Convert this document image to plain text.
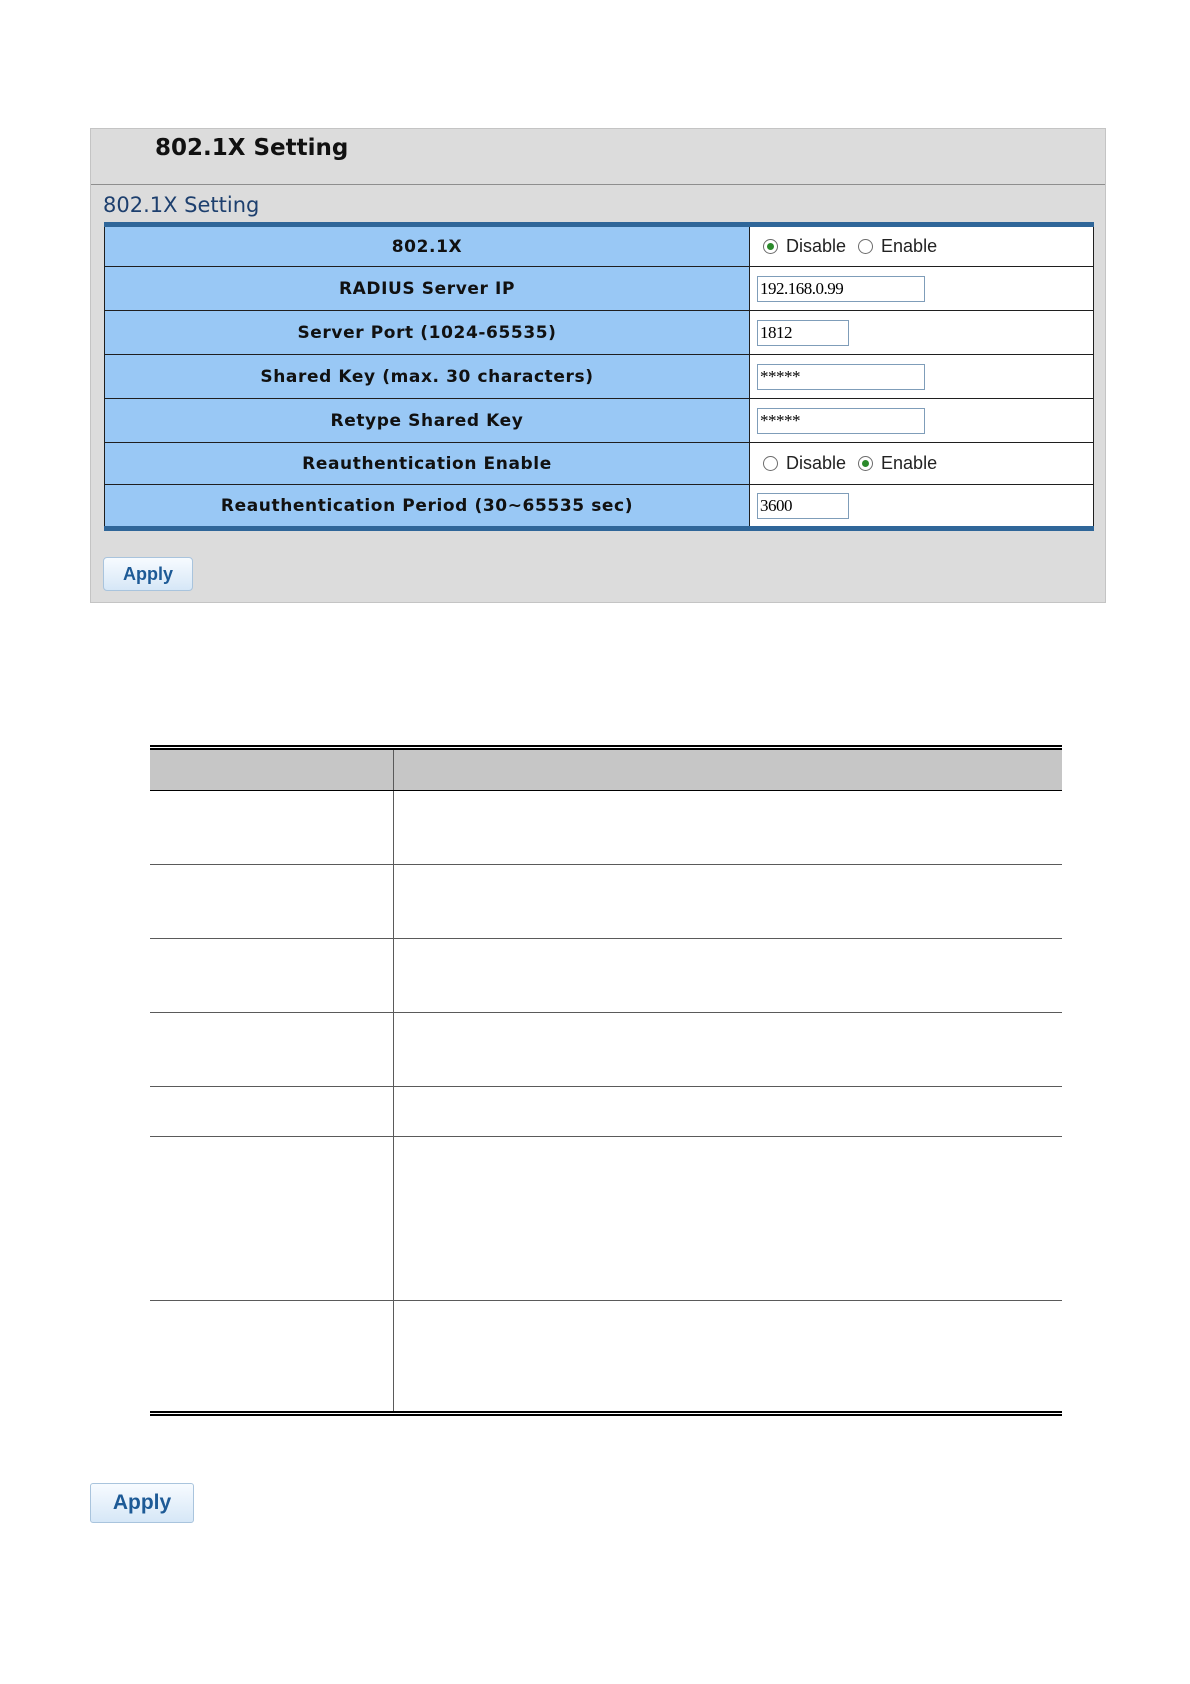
802.1X Setting
802.1X Setting
802.1X	Disable Enable

RADIUS Server IP	192.168.0.99
Server Port (1024-65535)	1812
Shared Key (max. 30 characters)	*****
Retype Shared Key	*****
Reauthentication Enable	Disable Enable

Reauthentication Period (30~65535 sec)	3600
Apply
Apply
